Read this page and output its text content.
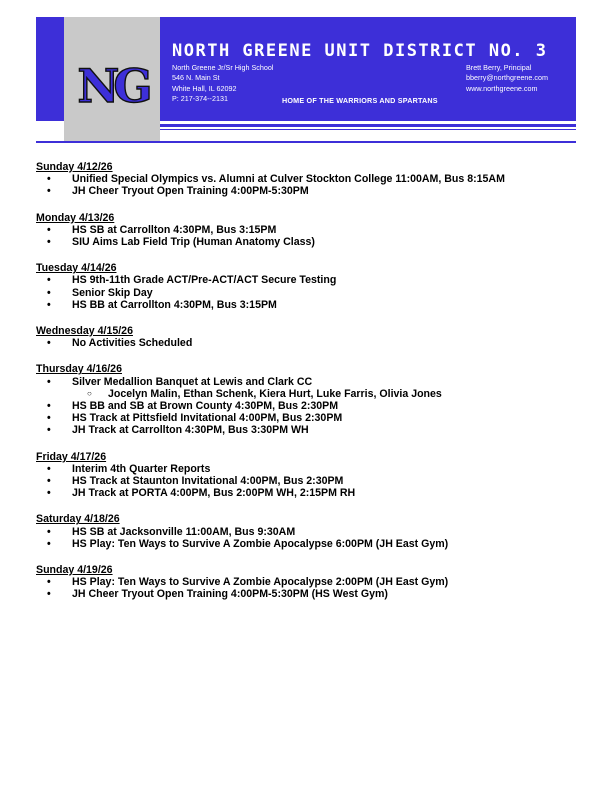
NG
NORTH GREENE UNIT DISTRICT NO. 3
North Greene Jr/Sr High School
546 N. Main St
White Hall, IL 62092
P: 217-374--2131
Brett Berry, Principal
bberry@northgreene.com
www.northgreene.com
HOME OF THE WARRIORS AND SPARTANS
Sunday 4/12/26
• Unified Special Olympics vs. Alumni at Culver Stockton College 11:00AM, Bus 8:15AM
• JH Cheer Tryout Open Training 4:00PM-5:30PM
Monday 4/13/26
• HS SB at Carrollton 4:30PM, Bus 3:15PM
• SIU Aims Lab Field Trip (Human Anatomy Class)
Tuesday 4/14/26
• HS 9th-11th Grade ACT/Pre-ACT/ACT Secure Testing
• Senior Skip Day
• HS BB at Carrollton 4:30PM, Bus 3:15PM
Wednesday 4/15/26
• No Activities Scheduled
Thursday 4/16/26
• Silver Medallion Banquet at Lewis and Clark CC
○ Jocelyn Malin, Ethan Schenk, Kiera Hurt, Luke Farris, Olivia Jones
• HS BB and SB at Brown County 4:30PM, Bus 2:30PM
• HS Track at Pittsfield Invitational 4:00PM, Bus 2:30PM
• JH Track at Carrollton 4:30PM, Bus 3:30PM WH
Friday 4/17/26
• Interim 4th Quarter Reports
• HS Track at Staunton Invitational 4:00PM, Bus 2:30PM
• JH Track at PORTA 4:00PM, Bus 2:00PM WH, 2:15PM RH
Saturday 4/18/26
• HS SB at Jacksonville 11:00AM, Bus 9:30AM
• HS Play: Ten Ways to Survive A Zombie Apocalypse 6:00PM (JH East Gym)
Sunday 4/19/26
• HS Play: Ten Ways to Survive A Zombie Apocalypse 2:00PM (JH East Gym)
• JH Cheer Tryout Open Training 4:00PM-5:30PM (HS West Gym)
